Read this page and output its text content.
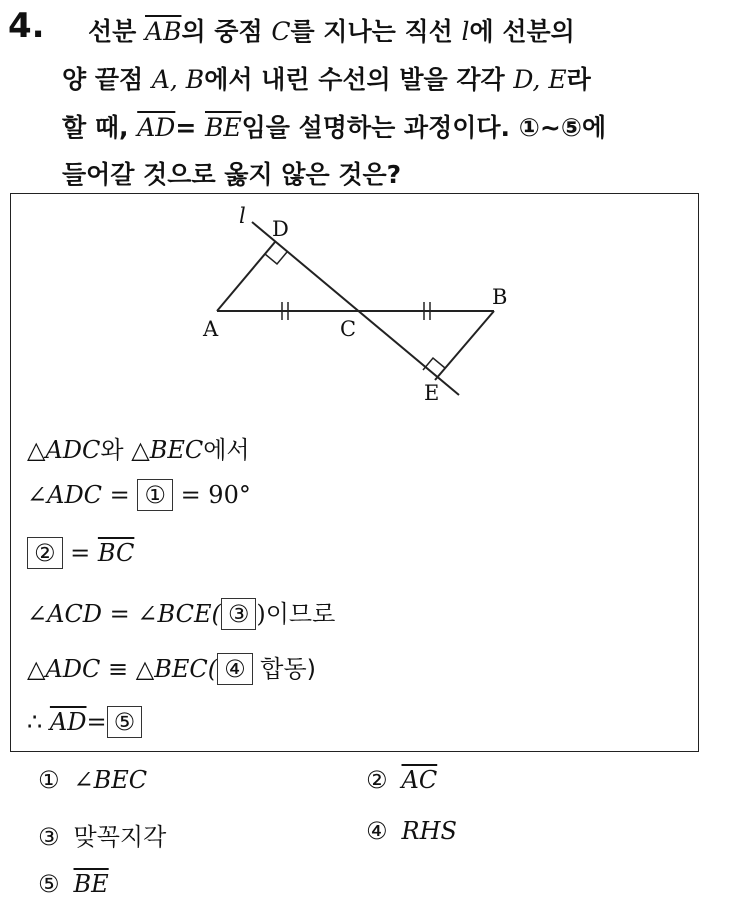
4. 선분 $\overline{AB}$의 중점 C를 지나는 직선 l에 선분의
양 끝점 A, B에서 내린 수선의 발을 각각 D, E라
할 때, $\overline{AD}= \overline{BE}$임을 설명하는 과정이다. ①~⑤에
들어갈 것으로 옳지 않은 것은?
l
D
A	C
B
E
△ADC와 △BEC에서
∠ADC = ① = 90°
② = $\overline{BC}$
∠ACD = ∠BCE( ③ )이므로
△ADC ≡ △BEC( ④ 합동)
∴ $\overline{AD}=$ ⑤
① ∠BEC	② $\overline{AC}$
③ 맞꼭지각	④ RHS
⑤ $\overline{BE}$
